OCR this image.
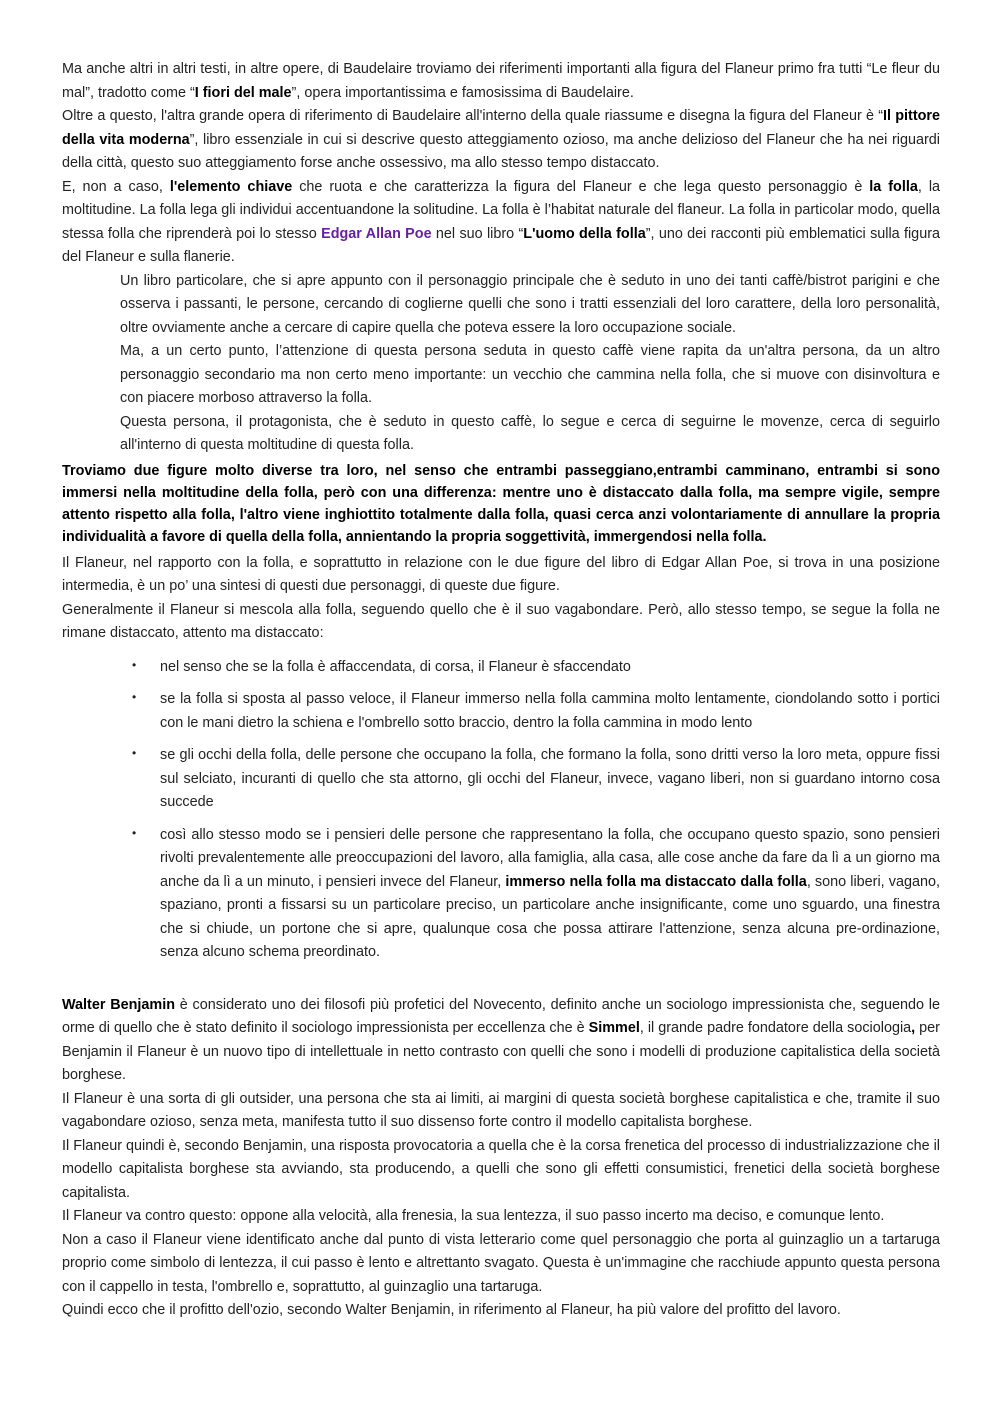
Ma anche altri in altri testi, in altre opere, di Baudelaire troviamo dei riferimenti importanti alla figura del Flaneur primo fra tutti “Le fleur du mal”, tradotto come “I fiori del male”, opera importantissima e famosissima di Baudelaire.

Oltre a questo, l'altra grande opera di riferimento di Baudelaire all'interno della quale riassume e disegna la figura del Flaneur è “Il pittore della vita moderna”, libro essenziale in cui si descrive questo atteggiamento ozioso, ma anche delizioso del Flaneur che ha nei riguardi della città, questo suo atteggiamento forse anche ossessivo, ma allo stesso tempo distaccato.

E, non a caso, l'elemento chiave che ruota e che caratterizza la figura del Flaneur e che lega questo personaggio è la folla, la moltitudine. La folla lega gli individui accentuandone la solitudine. La folla è l’habitat naturale del flaneur. La folla in particolar modo, quella stessa folla che riprenderà poi lo stesso Edgar Allan Poe nel suo libro “L'uomo della folla”, uno dei racconti più emblematici sulla figura del Flaneur e sulla flanerie.

Un libro particolare, che si apre appunto con il personaggio principale che è seduto in uno dei tanti caffè/bistrot parigini e che osserva i passanti, le persone, cercando di coglierne quelli che sono i tratti essenziali del loro carattere, della loro personalità, oltre ovviamente anche a cercare di capire quella che poteva essere la loro occupazione sociale.

Ma, a un certo punto, l’attenzione di questa persona seduta in questo caffè viene rapita da un'altra persona, da un altro personaggio secondario ma non certo meno importante: un vecchio che cammina nella folla, che si muove con disinvoltura e con piacere morboso attraverso la folla.

Questa persona, il protagonista, che è seduto in questo caffè, lo segue e cerca di seguirne le movenze, cerca di seguirlo all'interno di questa moltitudine di questa folla.

Troviamo due figure molto diverse tra loro, nel senso che entrambi passeggiano,entrambi camminano, entrambi si sono immersi nella moltitudine della folla, però con una differenza: mentre uno è distaccato dalla folla, ma sempre vigile, sempre attento rispetto alla folla, l'altro viene inghiottito totalmente dalla folla, quasi cerca anzi volontariamente di annullare la propria individualità a favore di quella della folla, annientando la propria soggettività, immergendosi nella folla.

Il Flaneur, nel rapporto con la folla, e soprattutto in relazione con le due figure del libro di Edgar Allan Poe, si trova in una posizione intermedia, è un po’ una sintesi di questi due personaggi, di queste due figure.

Generalmente il Flaneur si mescola alla folla, seguendo quello che è il suo vagabondare. Però, allo stesso tempo, se segue la folla ne rimane distaccato, attento ma distaccato:

• nel senso che se la folla è affaccendata, di corsa, il Flaneur è sfaccendato
• se la folla si sposta al passo veloce, il Flaneur immerso nella folla cammina molto lentamente, ciondolando sotto i portici con le mani dietro la schiena e l'ombrello sotto braccio, dentro la folla cammina in modo lento
• se gli occhi della folla, delle persone che occupano la folla, che formano la folla, sono dritti verso la loro meta, oppure fissi sul selciato, incuranti di quello che sta attorno, gli occhi del Flaneur, invece, vagano liberi, non si guardano intorno cosa succede
• così allo stesso modo se i pensieri delle persone che rappresentano la folla, che occupano questo spazio, sono pensieri rivolti prevalentemente alle preoccupazioni del lavoro, alla famiglia, alla casa, alle cose anche da fare da lì a un giorno ma anche da lì a un minuto, i pensieri invece del Flaneur, immerso nella folla ma distaccato dalla folla, sono liberi, vagano, spaziano, pronti a fissarsi su un particolare preciso, un particolare anche insignificante, come uno sguardo, una finestra che si chiude, un portone che si apre, qualunque cosa che possa attirare l'attenzione, senza alcuna pre-ordinazione, senza alcuno schema preordinato.

Walter Benjamin è considerato uno dei filosofi più profetici del Novecento, definito anche un sociologo impressionista che, seguendo le orme di quello che è stato definito il sociologo impressionista per eccellenza che è Simmel, il grande padre fondatore della sociologia, per Benjamin il Flaneur è un nuovo tipo di intellettuale in netto contrasto con quelli che sono i modelli di produzione capitalistica della società borghese.

Il Flaneur è una sorta di gli outsider, una persona che sta ai limiti, ai margini di questa società borghese capitalistica e che, tramite il suo vagabondare ozioso, senza meta, manifesta tutto il suo dissenso forte contro il modello capitalista borghese.

Il Flaneur quindi è, secondo Benjamin, una risposta provocatoria a quella che è la corsa frenetica del processo di industrializzazione che il modello capitalista borghese sta avviando, sta producendo, a quelli che sono gli effetti consumistici, frenetici della società borghese capitalista.

Il Flaneur va contro questo: oppone alla velocità, alla frenesia, la sua lentezza, il suo passo incerto ma deciso, e comunque lento.

Non a caso il Flaneur viene identificato anche dal punto di vista letterario come quel personaggio che porta al guinzaglio un a tartaruga proprio come simbolo di lentezza, il cui passo è lento e altrettanto svagato. Questa è un'immagine che racchiude appunto questa persona con il cappello in testa, l'ombrello e, soprattutto, al guinzaglio una tartaruga.

Quindi ecco che il profitto dell'ozio, secondo Walter Benjamin, in riferimento al Flaneur, ha più valore del profitto del lavoro.
